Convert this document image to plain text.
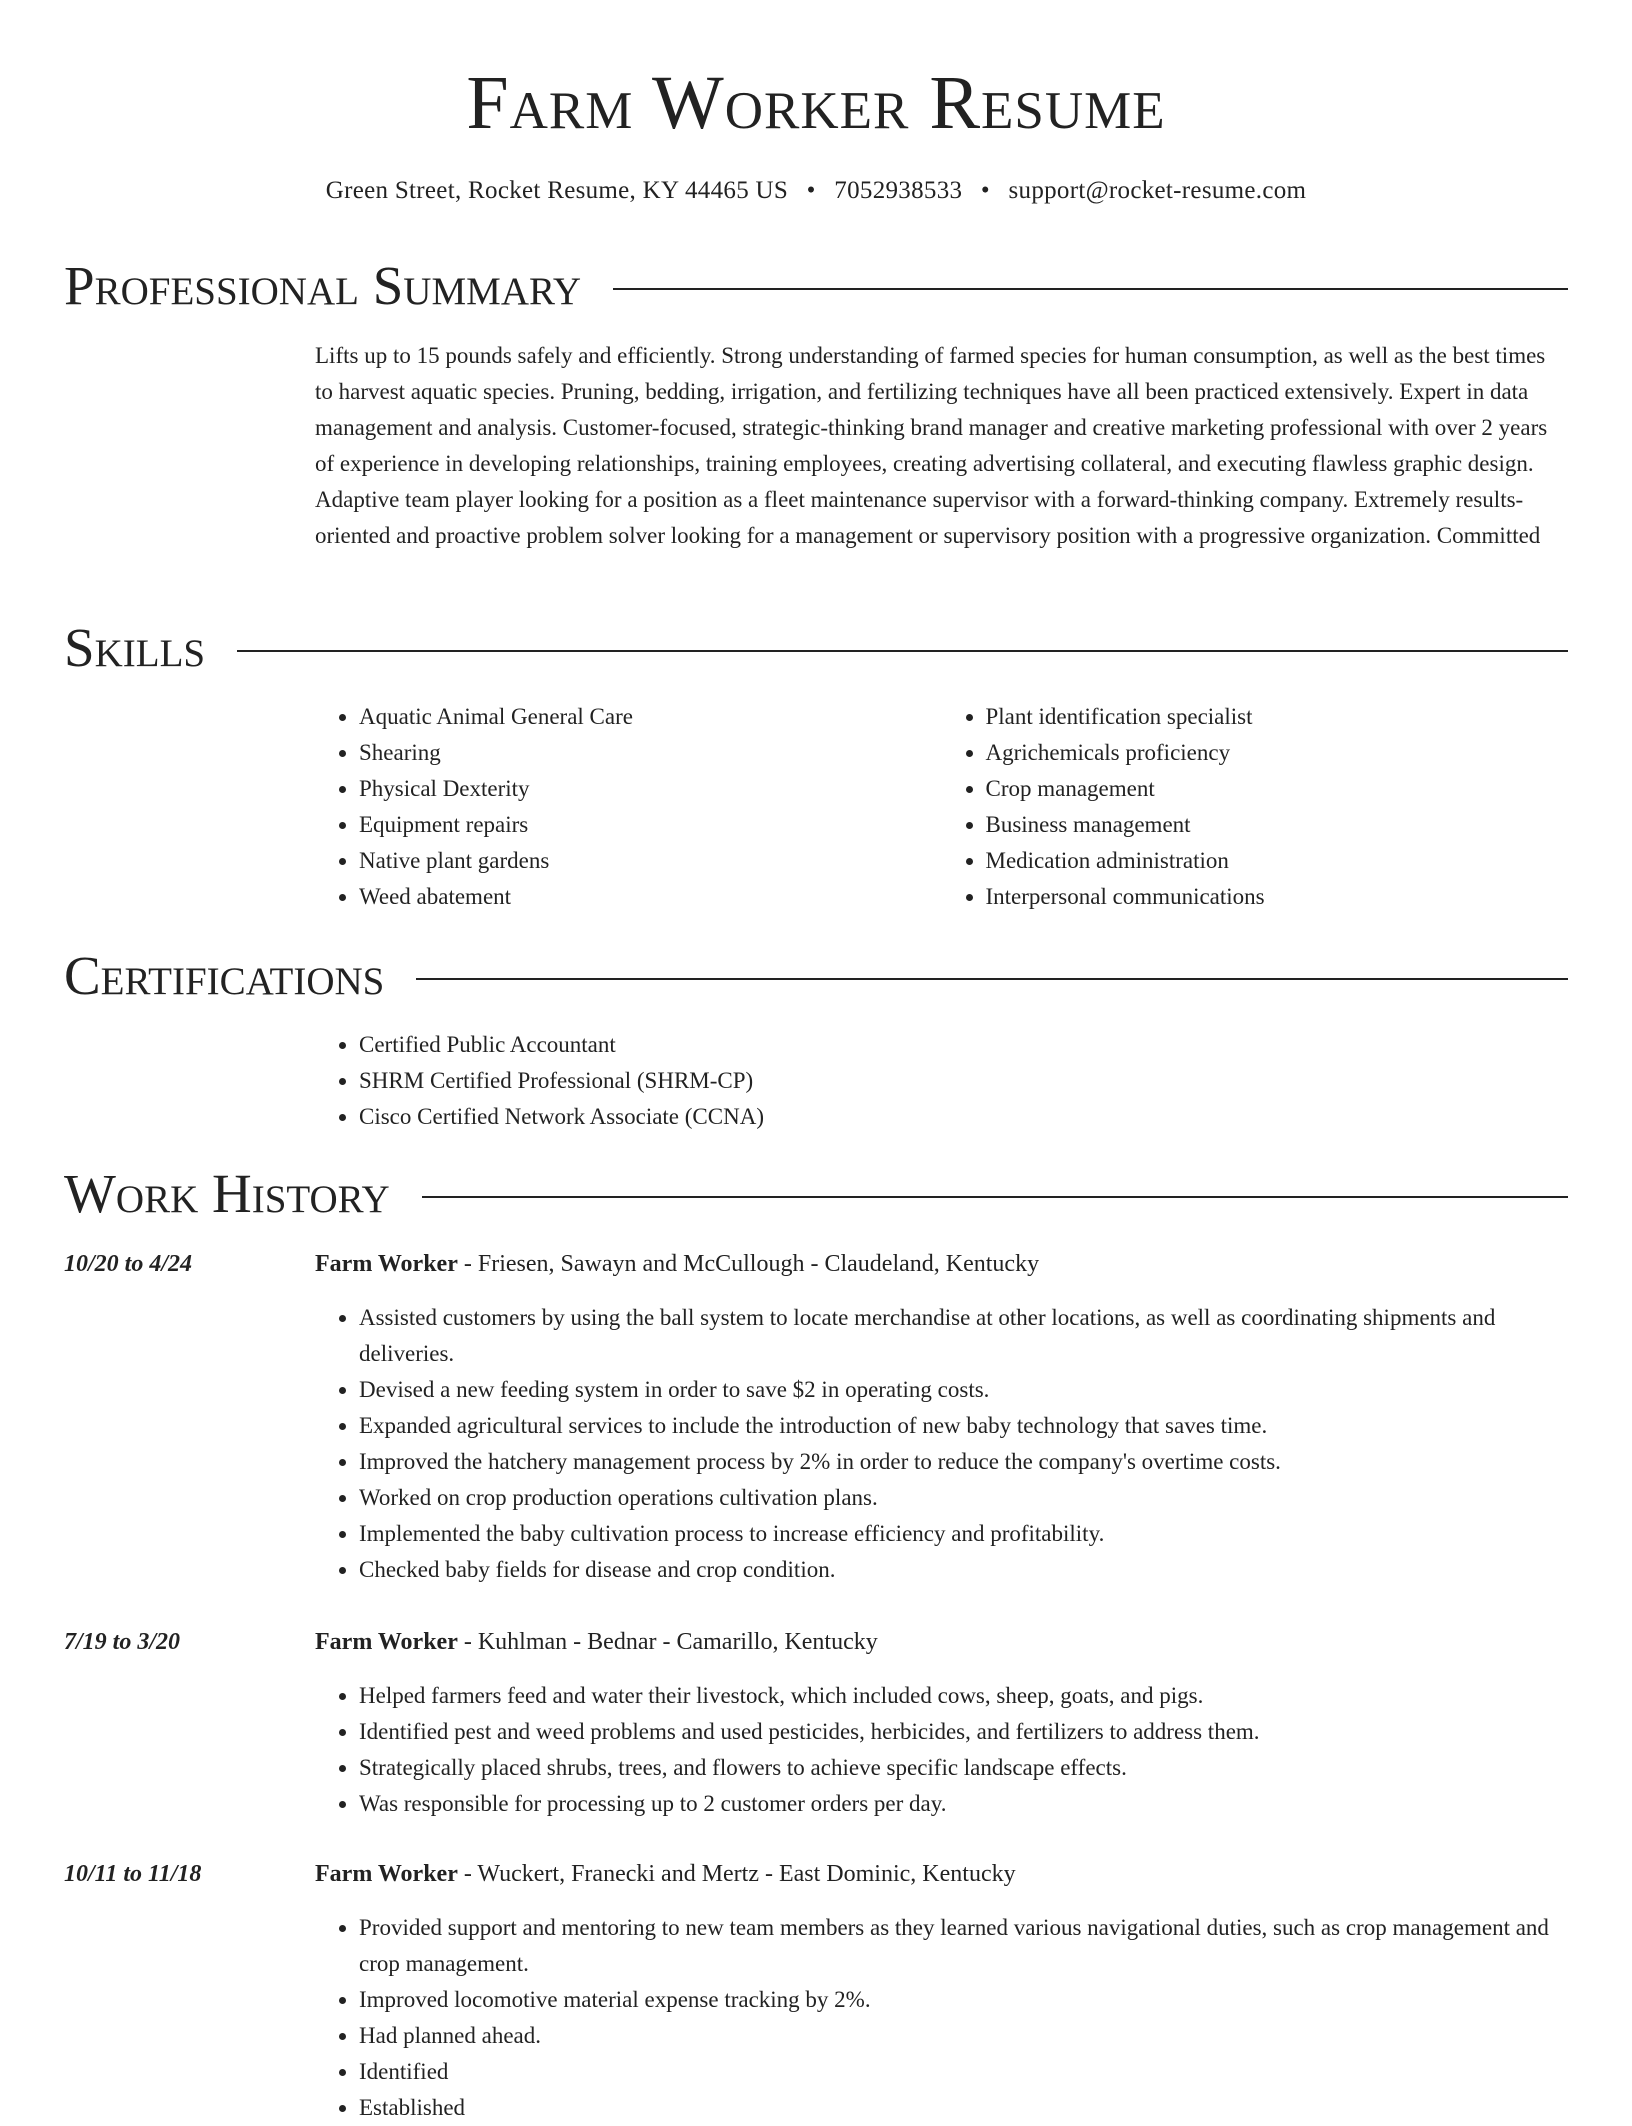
Farm Worker Resume
Green Street, Rocket Resume, KY 44465 US • 7052938533 • support@rocket-resume.com
Professional Summary
Lifts up to 15 pounds safely and efficiently. Strong understanding of farmed species for human consumption, as well as the best times to harvest aquatic species. Pruning, bedding, irrigation, and fertilizing techniques have all been practiced extensively. Expert in data management and analysis. Customer-focused, strategic-thinking brand manager and creative marketing professional with over 2 years of experience in developing relationships, training employees, creating advertising collateral, and executing flawless graphic design. Adaptive team player looking for a position as a fleet maintenance supervisor with a forward-thinking company. Extremely results-oriented and proactive problem solver looking for a management or supervisory position with a progressive organization. Committed
Skills
• Aquatic Animal General Care
• Shearing
• Physical Dexterity
• Equipment repairs
• Native plant gardens
• Weed abatement
• Plant identification specialist
• Agrichemicals proficiency
• Crop management
• Business management
• Medication administration
• Interpersonal communications
Certifications
• Certified Public Accountant
• SHRM Certified Professional (SHRM-CP)
• Cisco Certified Network Associate (CCNA)
Work History
10/20 to 4/24	Farm Worker - Friesen, Sawayn and McCullough - Claudeland, Kentucky
• Assisted customers by using the ball system to locate merchandise at other locations, as well as coordinating shipments and deliveries.
• Devised a new feeding system in order to save $2 in operating costs.
• Expanded agricultural services to include the introduction of new baby technology that saves time.
• Improved the hatchery management process by 2% in order to reduce the company's overtime costs.
• Worked on crop production operations cultivation plans.
• Implemented the baby cultivation process to increase efficiency and profitability.
• Checked baby fields for disease and crop condition.
7/19 to 3/20	Farm Worker - Kuhlman - Bednar - Camarillo, Kentucky
• Helped farmers feed and water their livestock, which included cows, sheep, goats, and pigs.
• Identified pest and weed problems and used pesticides, herbicides, and fertilizers to address them.
• Strategically placed shrubs, trees, and flowers to achieve specific landscape effects.
• Was responsible for processing up to 2 customer orders per day.
10/11 to 11/18	Farm Worker - Wuckert, Franecki and Mertz - East Dominic, Kentucky
• Provided support and mentoring to new team members as they learned various navigational duties, such as crop management and crop management.
• Improved locomotive material expense tracking by 2%.
• Had planned ahead.
• Identified
• Established
